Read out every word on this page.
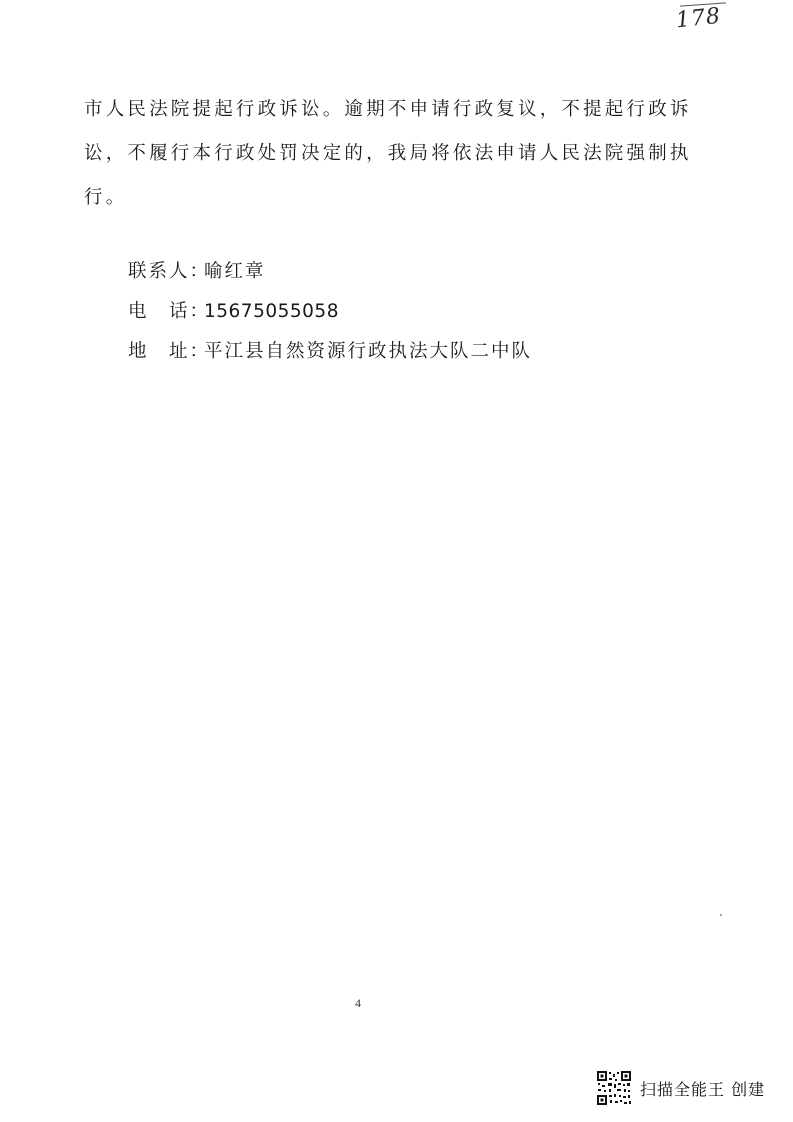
178

市人民法院提起行政诉讼。逾期不申请行政复议，不提起行政诉

讼，不履行本行政处罚决定的，我局将依法申请人民法院强制执

行。

联系人：
喻红章
电　话：
15675055058
地　址：
平江县自然资源行政执法大队二中队
4
扫描全能王 创建
